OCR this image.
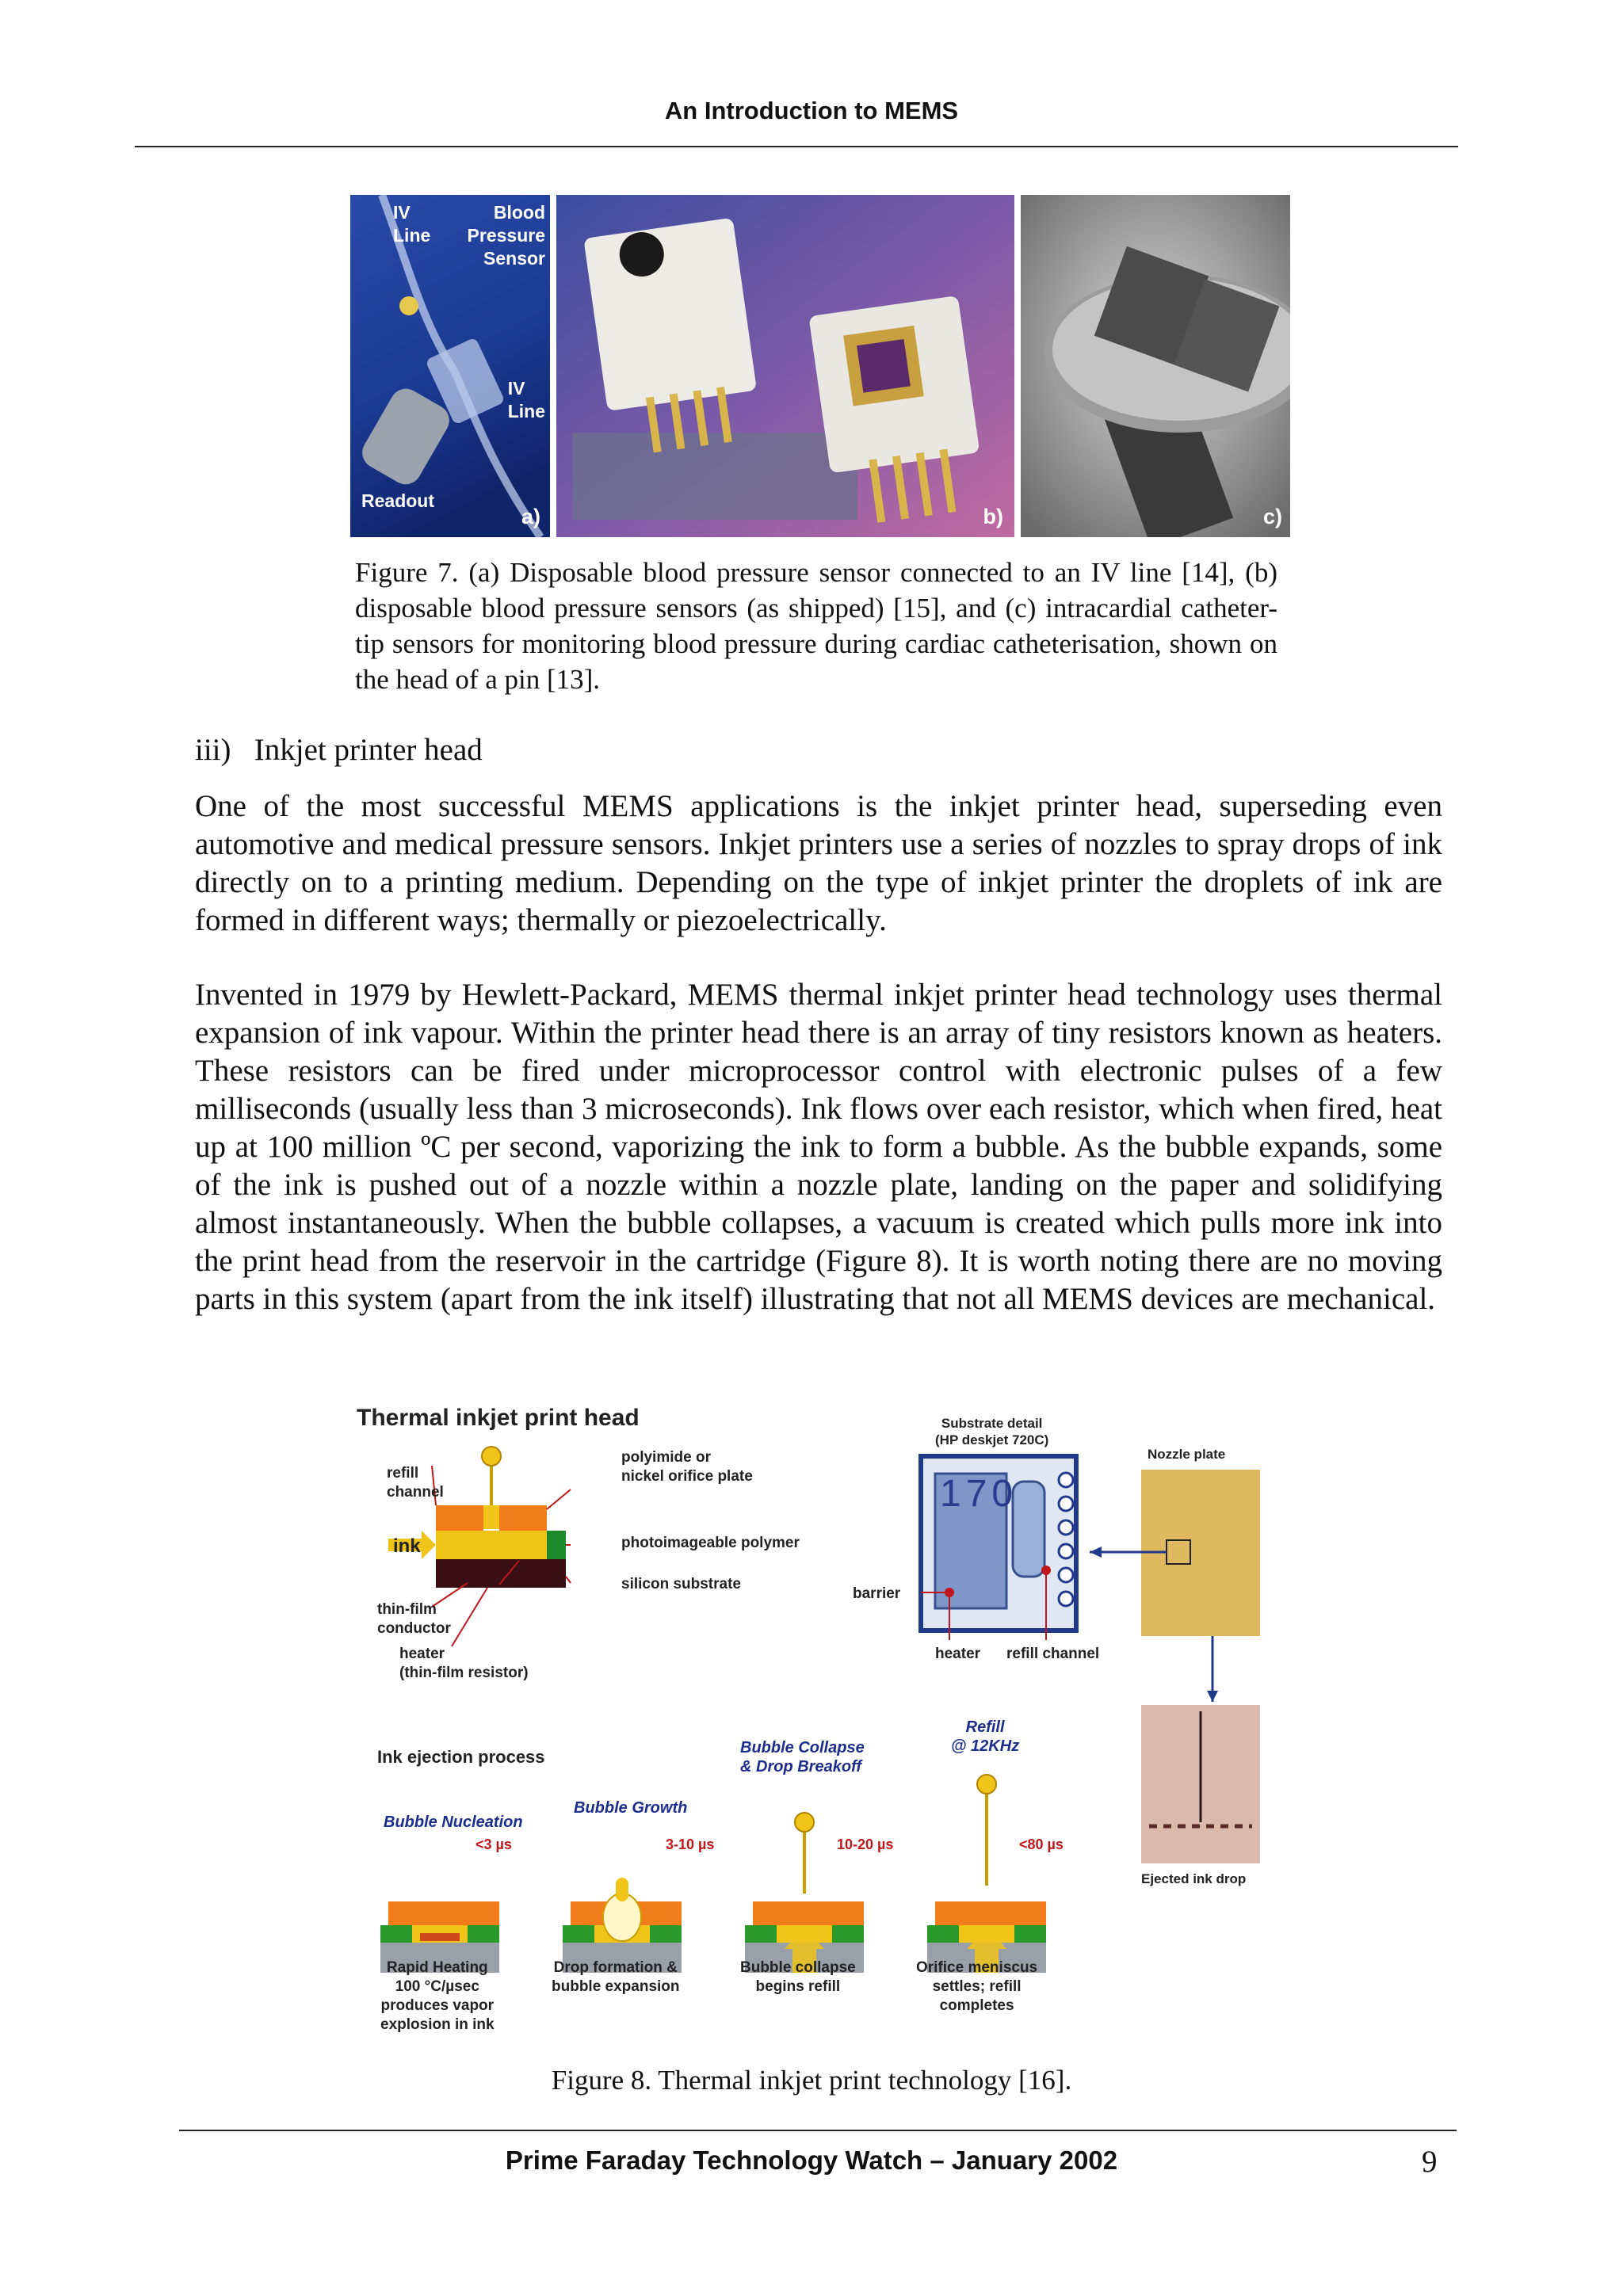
An Introduction to MEMS
IV
Line
Blood
Pressure
Sensor
IV
Line
Readout
a)	b)	c)
Figure 7. (a) Disposable blood pressure sensor connected to an IV line [14], (b) disposable blood pressure sensors (as shipped) [15], and (c) intracardial catheter-tip sensors for monitoring blood pressure during cardiac catheterisation, shown on the head of a pin [13].
iii)   Inkjet printer head
One of the most successful MEMS applications is the inkjet printer head, superseding even automotive and medical pressure sensors. Inkjet printers use a series of nozzles to spray drops of ink directly on to a printing medium. Depending on the type of inkjet printer the droplets of ink are formed in different ways; thermally or piezoelectrically.
Invented in 1979 by Hewlett-Packard, MEMS thermal inkjet printer head technology uses thermal expansion of ink vapour. Within the printer head there is an array of tiny resistors known as heaters. These resistors can be fired under microprocessor control with electronic pulses of a few milliseconds (usually less than 3 microseconds). Ink flows over each resistor, which when fired, heat up at 100 million ºC per second, vaporizing the ink to form a bubble. As the bubble expands, some of the ink is pushed out of a nozzle within a nozzle plate, landing on the paper and solidifying almost instantaneously. When the bubble collapses, a vacuum is created which pulls more ink into the print head from the reservoir in the cartridge (Figure 8). It is worth noting there are no moving parts in this system (apart from the ink itself) illustrating that not all MEMS devices are mechanical.
Thermal inkjet print head
refill
channel
ink
thin-film
conductor
heater
(thin-film resistor)
polyimide or
nickel orifice plate
photoimageable polymer
silicon substrate
Substrate detail
(HP deskjet 720C)
170
barrier
heater refill channel
Nozzle plate
Ejected ink drop
Ink ejection process
Bubble Nucleation
<3 µs
Rapid Heating
100 °C/µsec
produces vapor
explosion in ink
Bubble Growth
3-10 µs
Drop formation &
bubble expansion
Bubble Collapse
& Drop Breakoff
10-20 µs
Bubble collapse
begins refill
Refill
@ 12KHz
<80 µs
Orifice meniscus
settles; refill
completes
Figure 8. Thermal inkjet print technology [16].
Prime Faraday Technology Watch – January 2002	9
